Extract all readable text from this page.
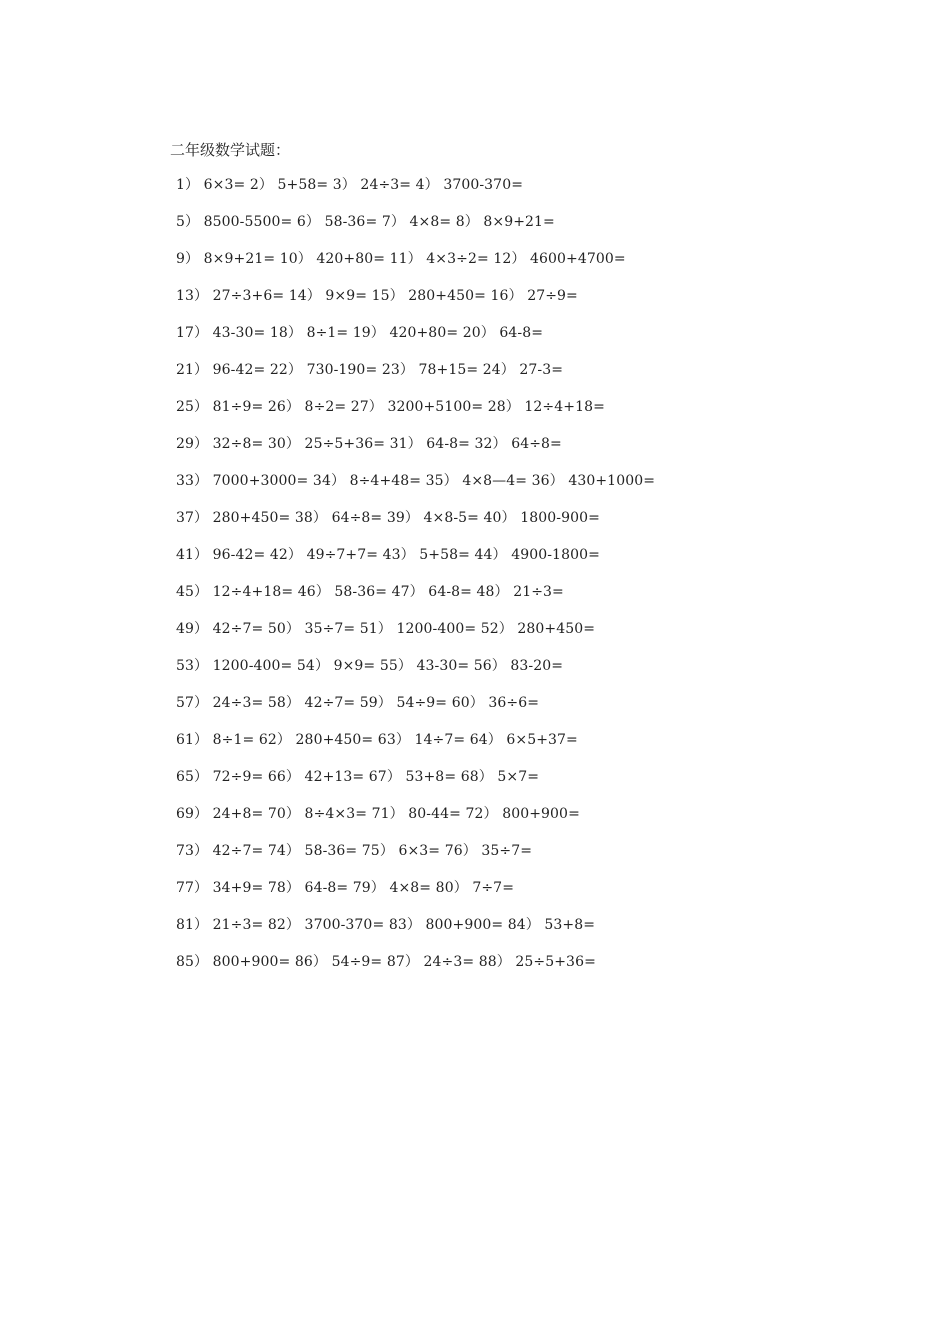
二年级数学试题：
1） 6×3= 2） 5+58= 3） 24÷3= 4） 3700-370=
5） 8500-5500= 6） 58-36= 7） 4×8= 8） 8×9+21=
9） 8×9+21= 10） 420+80= 11） 4×3÷2= 12） 4600+4700=
13） 27÷3+6= 14） 9×9= 15） 280+450= 16） 27÷9=
17） 43-30= 18） 8÷1= 19） 420+80= 20） 64-8=
21） 96-42= 22） 730-190= 23） 78+15= 24） 27-3=
25） 81÷9= 26） 8÷2= 27） 3200+5100= 28） 12÷4+18=
29） 32÷8= 30） 25÷5+36= 31） 64-8= 32） 64÷8=
33） 7000+3000= 34） 8÷4+48= 35） 4×8—4= 36） 430+1000=
37） 280+450= 38） 64÷8= 39） 4×8-5= 40） 1800-900=
41） 96-42= 42） 49÷7+7= 43） 5+58= 44） 4900-1800=
45） 12÷4+18= 46） 58-36= 47） 64-8= 48） 21÷3=
49） 42÷7= 50） 35÷7= 51） 1200-400= 52） 280+450=
53） 1200-400= 54） 9×9= 55） 43-30= 56） 83-20=
57） 24÷3= 58） 42÷7= 59） 54÷9= 60） 36÷6=
61） 8÷1= 62） 280+450= 63） 14÷7= 64） 6×5+37=
65） 72÷9= 66） 42+13= 67） 53+8= 68） 5×7=
69） 24+8= 70） 8÷4×3= 71） 80-44= 72） 800+900=
73） 42÷7= 74） 58-36= 75） 6×3= 76） 35÷7=
77） 34+9= 78） 64-8= 79） 4×8= 80） 7÷7=
81） 21÷3= 82） 3700-370= 83） 800+900= 84） 53+8=
85） 800+900= 86） 54÷9= 87） 24÷3= 88） 25÷5+36=
